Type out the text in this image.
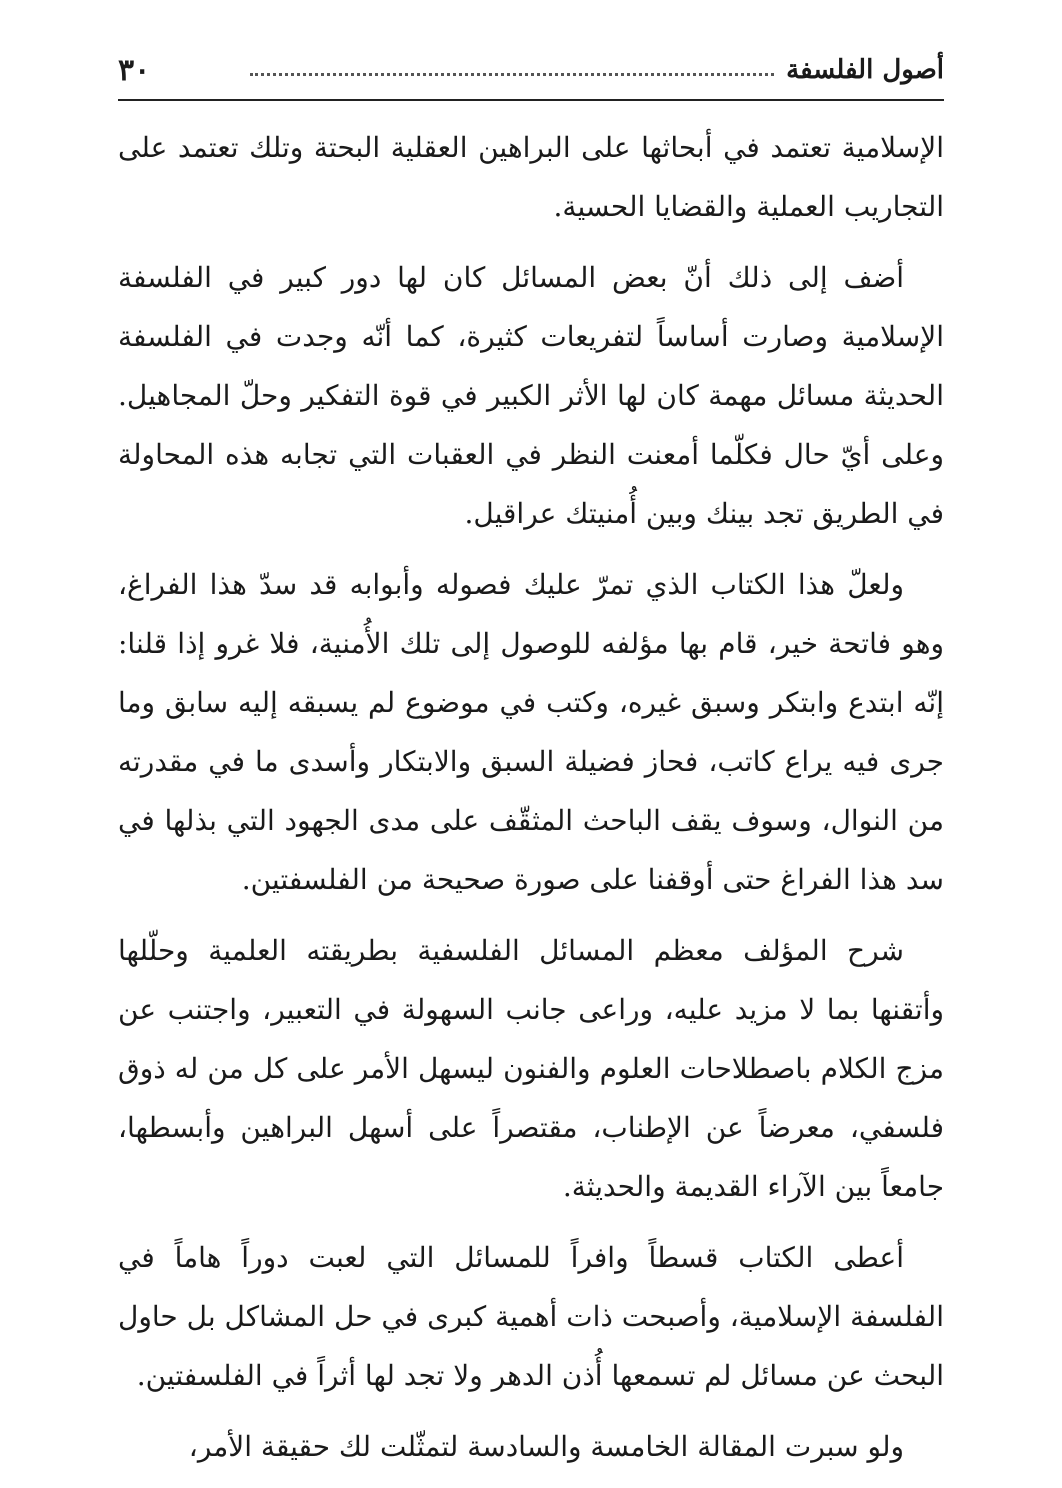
أصول الفلسفة
٣٠

الإسلامية تعتمد في أبحاثها على البراهين العقلية البحتة وتلك تعتمد على التجاريب العملية والقضايا الحسية.

أضف إلى ذلك أنّ بعض المسائل كان لها دور كبير في الفلسفة الإسلامية وصارت أساساً لتفريعات كثيرة، كما أنّه وجدت في الفلسفة الحديثة مسائل مهمة كان لها الأثر الكبير في قوة التفكير وحلّ المجاهيل. وعلى أيّ حال فكلّما أمعنت النظر في العقبات التي تجابه هذه المحاولة في الطريق تجد بينك وبين أُمنيتك عراقيل.

ولعلّ هذا الكتاب الذي تمرّ عليك فصوله وأبوابه قد سدّ هذا الفراغ، وهو فاتحة خير، قام بها مؤلفه للوصول إلى تلك الأُمنية، فلا غرو إذا قلنا: إنّه ابتدع وابتكر وسبق غيره، وكتب في موضوع لم يسبقه إليه سابق وما جرى فيه يراع كاتب، فحاز فضيلة السبق والابتكار وأسدى ما في مقدرته من النوال، وسوف يقف الباحث المثقّف على مدى الجهود التي بذلها في سد هذا الفراغ حتى أوقفنا على صورة صحيحة من الفلسفتين.

شرح المؤلف معظم المسائل الفلسفية بطريقته العلمية وحلّلها وأتقنها بما لا مزيد عليه، وراعى جانب السهولة في التعبير، واجتنب عن مزج الكلام باصطلاحات العلوم والفنون ليسهل الأمر على كل من له ذوق فلسفي، معرضاً عن الإطناب، مقتصراً على أسهل البراهين وأبسطها، جامعاً بين الآراء القديمة والحديثة.

أعطى الكتاب قسطاً وافراً للمسائل التي لعبت دوراً هاماً في الفلسفة الإسلامية، وأصبحت ذات أهمية كبرى في حل المشاكل بل حاول البحث عن مسائل لم تسمعها أُذن الدهر ولا تجد لها أثراً في الفلسفتين.

ولو سبرت المقالة الخامسة والسادسة لتمثّلت لك حقيقة الأمر،
